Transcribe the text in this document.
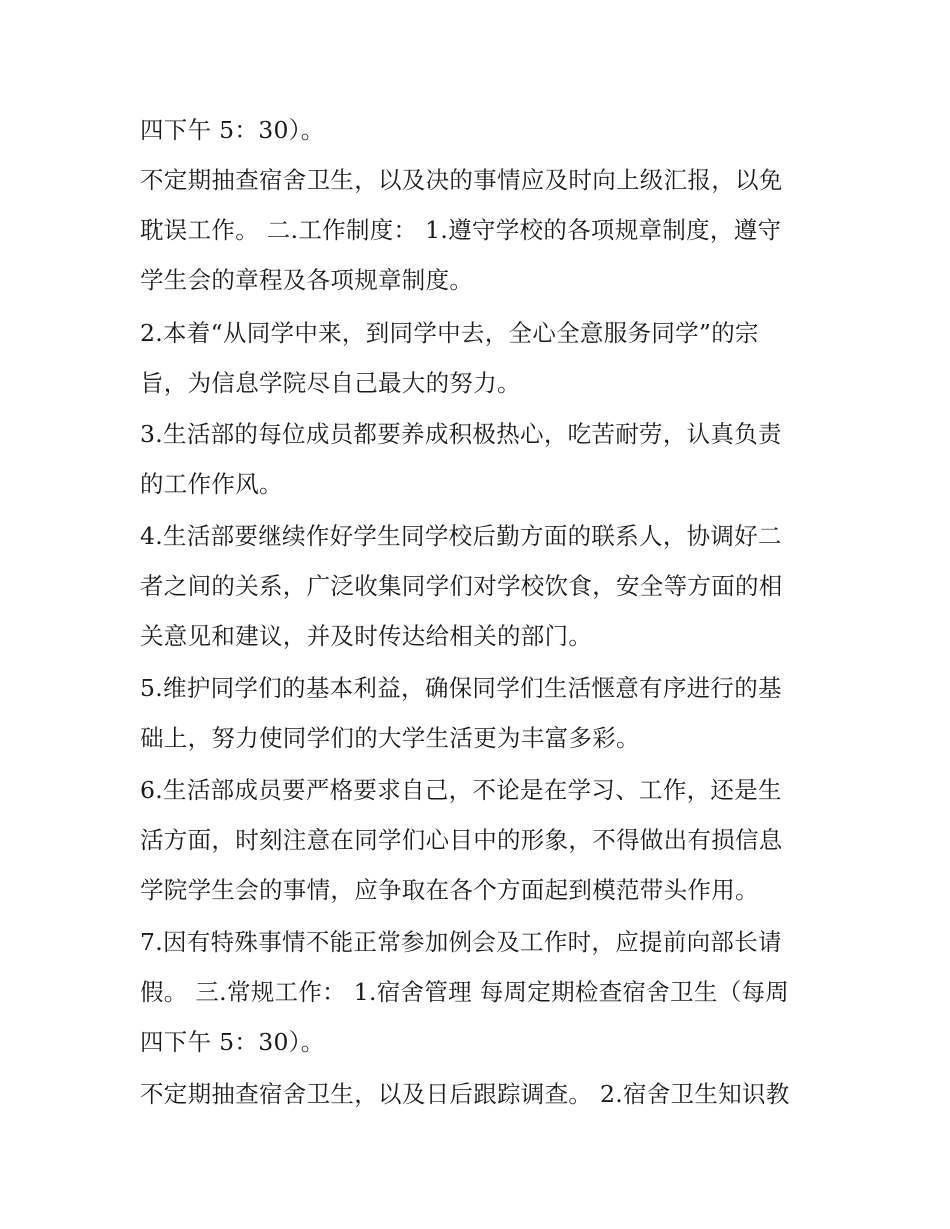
四下午 5：30）。
不定期抽查宿舍卫生，以及决的事情应及时向上级汇报，以免
耽误工作。 二.工作制度： 1.遵守学校的各项规章制度，遵守
学生会的章程及各项规章制度。
2.本着“从同学中来，到同学中去，全心全意服务同学”的宗
旨，为信息学院尽自己最大的努力。
3.生活部的每位成员都要养成积极热心，吃苦耐劳，认真负责
的工作作风。
4.生活部要继续作好学生同学校后勤方面的联系人，协调好二
者之间的关系，广泛收集同学们对学校饮食，安全等方面的相
关意见和建议，并及时传达给相关的部门。
5.维护同学们的基本利益，确保同学们生活惬意有序进行的基
础上，努力使同学们的大学生活更为丰富多彩。
6.生活部成员要严格要求自己，不论是在学习、工作，还是生
活方面，时刻注意在同学们心目中的形象，不得做出有损信息
学院学生会的事情，应争取在各个方面起到模范带头作用。
7.因有特殊事情不能正常参加例会及工作时，应提前向部长请
假。 三.常规工作： 1.宿舍管理 每周定期检查宿舍卫生（每周
四下午 5：30）。
不定期抽查宿舍卫生，以及日后跟踪调查。 2.宿舍卫生知识教
